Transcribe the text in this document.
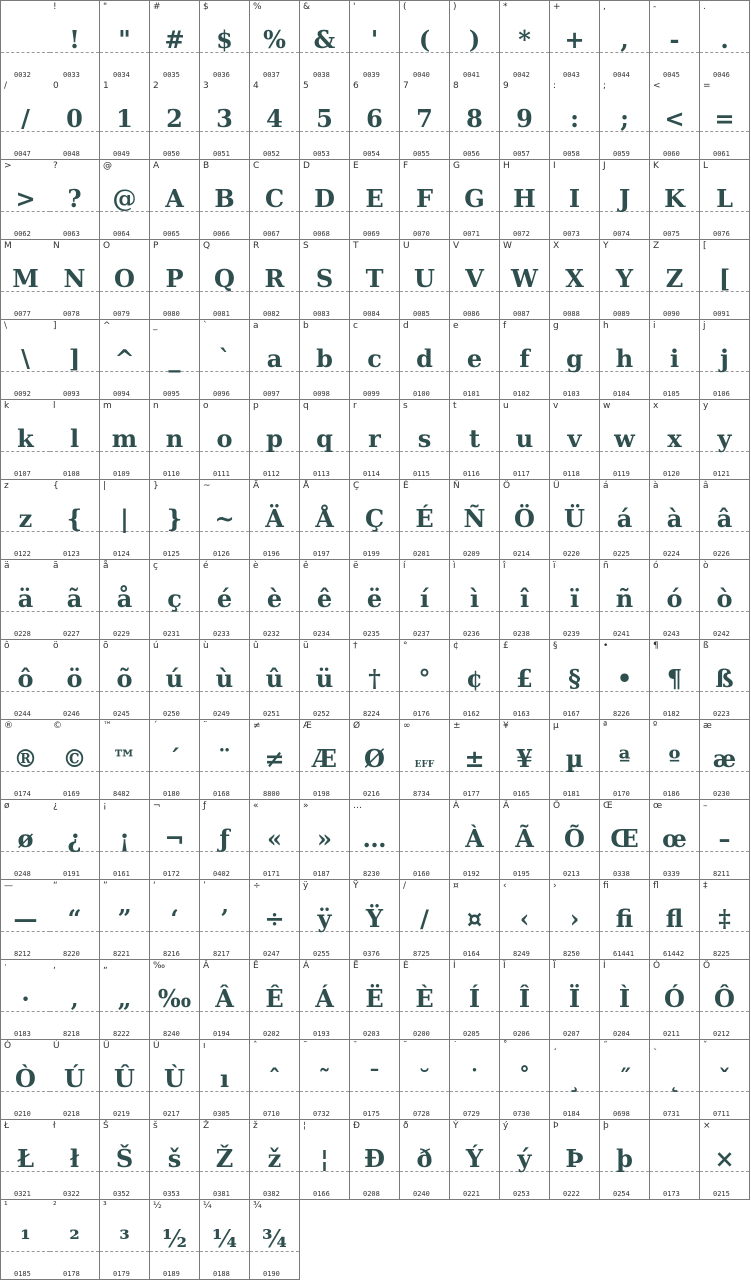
0032
!
!
0033
"
"
0034
#
#
0035
$
$
0036
%
%
0037
&
&
0038
'
'
0039
(
(
0040
)
)
0041
*
*
0042
+
+
0043
,
,
0044
-
-
0045
.
.
0046
/
/
0047
0
0
0048
1
1
0049
2
2
0050
3
3
0051
4
4
0052
5
5
0053
6
6
0054
7
7
0055
8
8
0056
9
9
0057
:
:
0058
;
;
0059
<
<
0060
=
=
0061
>
>
0062
?
?
0063
@
@
0064
A
A
0065
B
B
0066
C
C
0067
D
D
0068
E
E
0069
F
F
0070
G
G
0071
H
H
0072
I
I
0073
J
J
0074
K
K
0075
L
L
0076
M
M
0077
N
N
0078
O
O
0079
P
P
0080
Q
Q
0081
R
R
0082
S
S
0083
T
T
0084
U
U
0085
V
V
0086
W
W
0087
X
X
0088
Y
Y
0089
Z
Z
0090
[
[
0091
\
\
0092
]
]
0093
^
^
0094
_
_
0095
`
`
0096
a
a
0097
b
b
0098
c
c
0099
d
d
0100
e
e
0101
f
f
0102
g
g
0103
h
h
0104
i
i
0105
j
j
0106
k
k
0107
l
l
0108
m
m
0109
n
n
0110
o
o
0111
p
p
0112
q
q
0113
r
r
0114
s
s
0115
t
t
0116
u
u
0117
v
v
0118
w
w
0119
x
x
0120
y
y
0121
z
z
0122
{
{
0123
|
|
0124
}
}
0125
~
~
0126
Ä
Ä
0196
Å
Å
0197
Ç
Ç
0199
É
É
0201
Ñ
Ñ
0209
Ö
Ö
0214
Ü
Ü
0220
á
á
0225
à
à
0224
â
â
0226
ä
ä
0228
ã
ã
0227
å
å
0229
ç
ç
0231
é
é
0233
è
è
0232
ê
ê
0234
ë
ë
0235
í
í
0237
ì
ì
0236
î
î
0238
ï
ï
0239
ñ
ñ
0241
ó
ó
0243
ò
ò
0242
ô
ô
0244
ö
ö
0246
õ
õ
0245
ú
ú
0250
ù
ù
0249
û
û
0251
ü
ü
0252
†
†
8224
°
°
0176
¢
¢
0162
£
£
0163
§
§
0167
•
•
8226
¶
¶
0182
ß
ß
0223
®
®
0174
©
©
0169
™
™
8482
´
´
0180
¨
¨
0168
≠
≠
8800
Æ
Æ
0198
Ø
Ø
0216
∞
EFF
8734
±
±
0177
¥
¥
0165
µ
µ
0181
ª
ª
0170
º
º
0186
æ
æ
0230
ø
ø
0248
¿
¿
0191
¡
¡
0161
¬
¬
0172
ƒ
ƒ
0402
«
«
0171
»
»
0187
…
…
8230	0160
À
À
0192
Ã
Ã
0195
Õ
Õ
0213
Œ
Œ
0338
œ
œ
0339
–
–
8211
—
—
8212
“
“
8220
”
”
8221
‘
‘
8216
’
’
8217
÷
÷
0247
ÿ
ÿ
0255
Ÿ
Ÿ
0376
∕
∕
8725
¤
¤
0164
‹
‹
8249
›
›
8250
ﬁ
ﬁ
61441
ﬂ
ﬂ
61442
‡
‡
8225
·
·
0183
‚
‚
8218
„
„
8222
‰
‰
8240
Â
Â
0194
Ê
Ê
0202
Á
Á
0193
Ë
Ë
0203
È
È
0200
Í
Í
0205
Î
Î
0206
Ï
Ï
0207
Ì
Ì
0204
Ó
Ó
0211
Ô
Ô
0212
Ò
Ò
0210
Ú
Ú
0218
Û
Û
0219
Ù
Ù
0217
ı
ı
0305
ˆ
ˆ
0710
˜
˜
0732
¯
¯
0175
˘
˘
0728
˙
˙
0729
˚
˚
0730
¸
¸
0184
˝
˝
0698
˛
˛
0731
ˇ
ˇ
0711
Ł
Ł
0321
ł
ł
0322
Š
Š
0352
š
š
0353
Ž
Ž
0381
ž
ž
0382
¦
¦
0166
Ð
Ð
0208
ð
ð
0240
Ý
Ý
0221
ý
ý
0253
Þ
Þ
0222
þ
þ
0254	0173
×
×
0215
¹
¹
0185
²
²
0178
³
³
0179
½
½
0189
¼
¼
0188
¾
¾
0190
